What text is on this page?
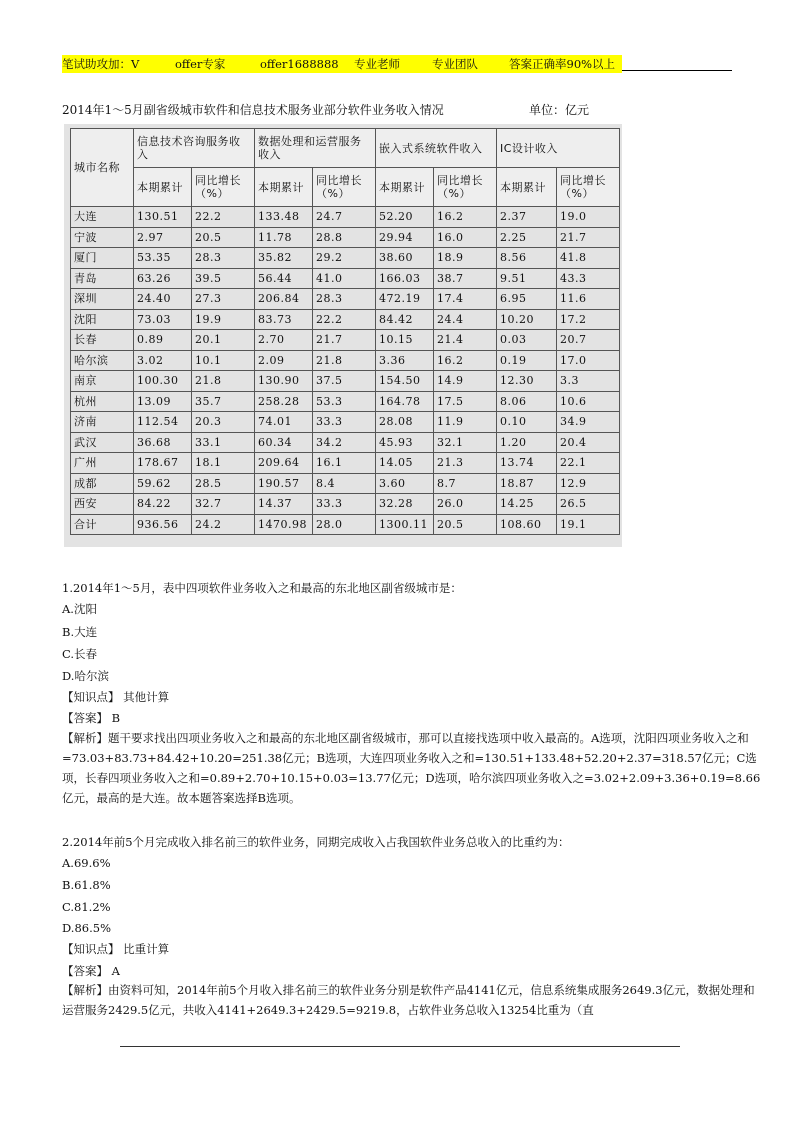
笔试助攻加：V	offer专家	offer1688888 专业老师	专业团队	答案正确率90%以上
2014年1～5月副省级城市软件和信息技术服务业部分软件业务收入情况	单位：亿元
城市名称	信息技术咨询服务收入		数据处理和运营服务收入		嵌入式系统软件收入		IC设计收入	
	本期累计	同比增长（%）	本期累计	同比增长（%）	本期累计	同比增长（%）	本期累计	同比增长（%）
大连	130.51	22.2	133.48	24.7	52.20	16.2	2.37	19.0
宁波	2.97	20.5	11.78	28.8	29.94	16.0	2.25	21.7
厦门	53.35	28.3	35.82	29.2	38.60	18.9	8.56	41.8
青岛	63.26	39.5	56.44	41.0	166.03	38.7	9.51	43.3
深圳	24.40	27.3	206.84	28.3	472.19	17.4	6.95	11.6
沈阳	73.03	19.9	83.73	22.2	84.42	24.4	10.20	17.2
长春	0.89	20.1	2.70	21.7	10.15	21.4	0.03	20.7
哈尔滨	3.02	10.1	2.09	21.8	3.36	16.2	0.19	17.0
南京	100.30	21.8	130.90	37.5	154.50	14.9	12.30	3.3
杭州	13.09	35.7	258.28	53.3	164.78	17.5	8.06	10.6
济南	112.54	20.3	74.01	33.3	28.08	11.9	0.10	34.9
武汉	36.68	33.1	60.34	34.2	45.93	32.1	1.20	20.4
广州	178.67	18.1	209.64	16.1	14.05	21.3	13.74	22.1
成都	59.62	28.5	190.57	8.4	3.60	8.7	18.87	12.9
西安	84.22	32.7	14.37	33.3	32.28	26.0	14.25	26.5
合计	936.56	24.2	1470.98	28.0	1300.11	20.5	108.60	19.1
1.2014年1～5月，表中四项软件业务收入之和最高的东北地区副省级城市是：
A.沈阳
B.大连
C.长春
D.哈尔滨
【知识点】 其他计算
【答案】 B
【解析】题干要求找出四项业务收入之和最高的东北地区副省级城市，那可以直接找选项中收入最高的。A选项，沈阳四项业务收入之和=73.03+83.73+84.42+10.20=251.38亿元；B选项，大连四项业务收入之和=130.51+133.48+52.20+2.37=318.57亿元；C选项，长春四项业务收入之和=0.89+2.70+10.15+0.03=13.77亿元；D选项，哈尔滨四项业务收入之=3.02+2.09+3.36+0.19=8.66亿元，最高的是大连。故本题答案选择B选项。
2.2014年前5个月完成收入排名前三的软件业务，同期完成收入占我国软件业务总收入的比重约为：
A.69.6%
B.61.8%
C.81.2%
D.86.5%
【知识点】 比重计算
【答案】 A
【解析】由资料可知，2014年前5个月收入排名前三的软件业务分别是软件产品4141亿元，信息系统集成服务2649.3亿元，数据处理和运营服务2429.5亿元，共收入4141+2649.3+2429.5=9219.8，占软件业务总收入13254比重为（直
